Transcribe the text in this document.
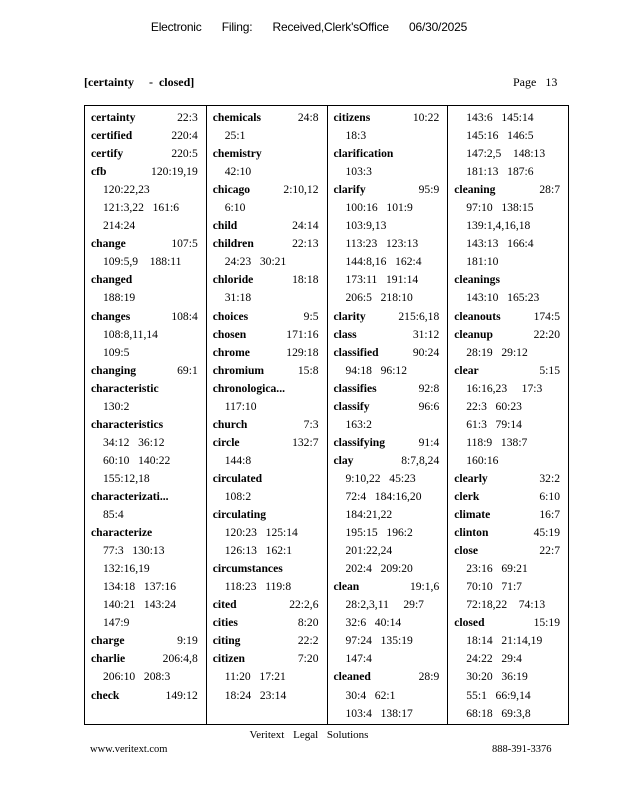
Electronic Filing: Received,Clerk'sOffice 06/30/2025
[certainty     -  closed]	Page   13
certainty	22:3
certified	220:4
certify	220:5
cfb	120:19,19
120:22,23
121:3,22   161:6
214:24
change	107:5
109:5,9    188:11
changed
188:19
changes	108:4
108:8,11,14
109:5
changing	69:1
characteristic
130:2
characteristics
34:12   36:12
60:10   140:22
155:12,18
characterizati...
85:4
characterize
77:3   130:13
132:16,19
134:18   137:16
140:21   143:24
147:9
charge	9:19
charlie	206:4,8
206:10   208:3
check	149:12
chemicals	24:8
25:1
chemistry
42:10
chicago	2:10,12
6:10
child	24:14
children	22:13
24:23   30:21
chloride	18:18
31:18
choices	9:5
chosen	171:16
chrome	129:18
chromium	15:8
chronologica...
117:10
church	7:3
circle	132:7
144:8
circulated
108:2
circulating
120:23   125:14
126:13   162:1
circumstances
118:23   119:8
cited	22:2,6
cities	8:20
citing	22:2
citizen	7:20
11:20   17:21
18:24   23:14
citizens	10:22
18:3
clarification
103:3
clarify	95:9
100:16   101:9
103:9,13
113:23   123:13
144:8,16   162:4
173:11   191:14
206:5   218:10
clarity	215:6,18
class	31:12
classified	90:24
94:18   96:12
classifies	92:8
classify	96:6
163:2
classifying	91:4
clay	8:7,8,24
9:10,22   45:23
72:4   184:16,20
184:21,22
195:15   196:2
201:22,24
202:4   209:20
clean	19:1,6
28:2,3,11     29:7
32:6   40:14
97:24   135:19
147:4
cleaned	28:9
30:4   62:1
103:4   138:17
143:6   145:14
145:16   146:5
147:2,5    148:13
181:13   187:6
cleaning	28:7
97:10   138:15
139:1,4,16,18
143:13   166:4
181:10
cleanings
143:10   165:23
cleanouts	174:5
cleanup	22:20
28:19   29:12
clear	5:15
16:16,23     17:3
22:3   60:23
61:3   79:14
118:9   138:7
160:16
clearly	32:2
clerk	6:10
climate	16:7
clinton	45:19
close	22:7
23:16   69:21
70:10   71:7
72:18,22    74:13
closed	15:19
18:14   21:14,19
24:22   29:4
30:20   36:19
55:1   66:9,14
68:18   69:3,8
Veritext Legal Solutions
www.veritext.com	888-391-3376
